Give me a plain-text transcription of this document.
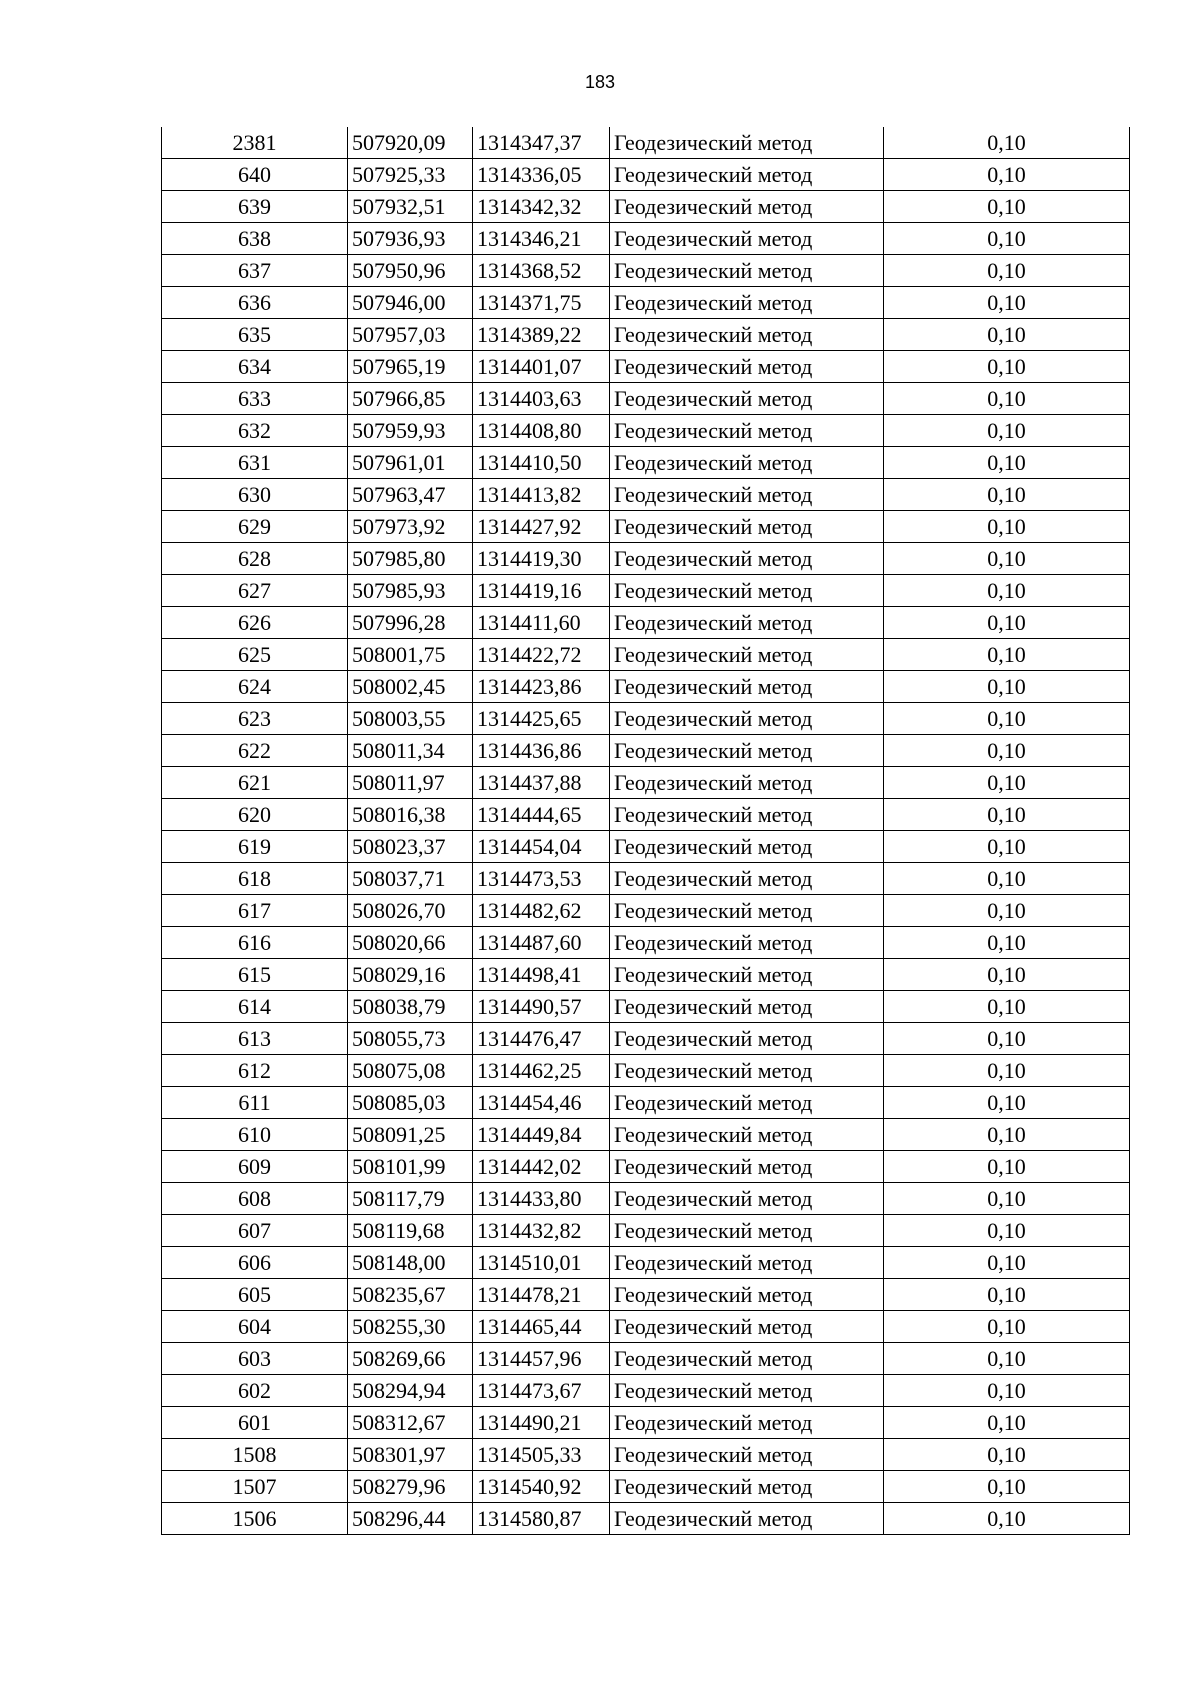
183
2381	507920,09	1314347,37	Геодезический метод	0,10
640	507925,33	1314336,05	Геодезический метод	0,10
639	507932,51	1314342,32	Геодезический метод	0,10
638	507936,93	1314346,21	Геодезический метод	0,10
637	507950,96	1314368,52	Геодезический метод	0,10
636	507946,00	1314371,75	Геодезический метод	0,10
635	507957,03	1314389,22	Геодезический метод	0,10
634	507965,19	1314401,07	Геодезический метод	0,10
633	507966,85	1314403,63	Геодезический метод	0,10
632	507959,93	1314408,80	Геодезический метод	0,10
631	507961,01	1314410,50	Геодезический метод	0,10
630	507963,47	1314413,82	Геодезический метод	0,10
629	507973,92	1314427,92	Геодезический метод	0,10
628	507985,80	1314419,30	Геодезический метод	0,10
627	507985,93	1314419,16	Геодезический метод	0,10
626	507996,28	1314411,60	Геодезический метод	0,10
625	508001,75	1314422,72	Геодезический метод	0,10
624	508002,45	1314423,86	Геодезический метод	0,10
623	508003,55	1314425,65	Геодезический метод	0,10
622	508011,34	1314436,86	Геодезический метод	0,10
621	508011,97	1314437,88	Геодезический метод	0,10
620	508016,38	1314444,65	Геодезический метод	0,10
619	508023,37	1314454,04	Геодезический метод	0,10
618	508037,71	1314473,53	Геодезический метод	0,10
617	508026,70	1314482,62	Геодезический метод	0,10
616	508020,66	1314487,60	Геодезический метод	0,10
615	508029,16	1314498,41	Геодезический метод	0,10
614	508038,79	1314490,57	Геодезический метод	0,10
613	508055,73	1314476,47	Геодезический метод	0,10
612	508075,08	1314462,25	Геодезический метод	0,10
611	508085,03	1314454,46	Геодезический метод	0,10
610	508091,25	1314449,84	Геодезический метод	0,10
609	508101,99	1314442,02	Геодезический метод	0,10
608	508117,79	1314433,80	Геодезический метод	0,10
607	508119,68	1314432,82	Геодезический метод	0,10
606	508148,00	1314510,01	Геодезический метод	0,10
605	508235,67	1314478,21	Геодезический метод	0,10
604	508255,30	1314465,44	Геодезический метод	0,10
603	508269,66	1314457,96	Геодезический метод	0,10
602	508294,94	1314473,67	Геодезический метод	0,10
601	508312,67	1314490,21	Геодезический метод	0,10
1508	508301,97	1314505,33	Геодезический метод	0,10
1507	508279,96	1314540,92	Геодезический метод	0,10
1506	508296,44	1314580,87	Геодезический метод	0,10
